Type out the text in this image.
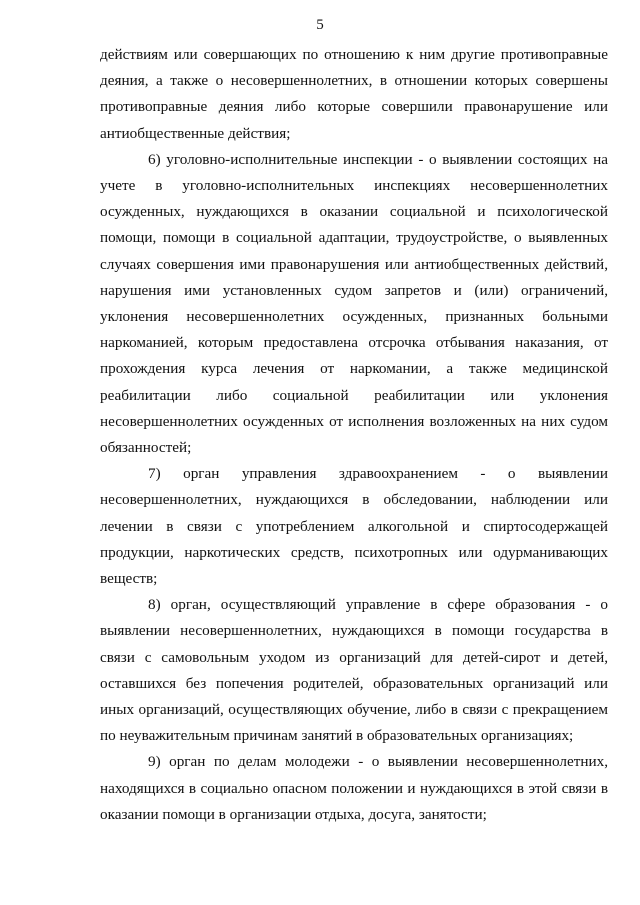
5

действиям или совершающих по отношению к ним другие противоправные деяния, а также о несовершеннолетних, в отношении которых совершены противоправные деяния либо которые совершили правонарушение или антиобщественные действия;

6) уголовно-исполнительные инспекции - о выявлении состоящих на учете в уголовно-исполнительных инспекциях несовершеннолетних осужденных, нуждающихся в оказании социальной и психологической помощи, помощи в социальной адаптации, трудоустройстве, о выявленных случаях совершения ими правонарушения или антиобщественных действий, нарушения ими установленных судом запретов и (или) ограничений, уклонения несовершеннолетних осужденных, признанных больными наркоманией, которым предоставлена отсрочка отбывания наказания, от прохождения курса лечения от наркомании, а также медицинской реабилитации либо социальной реабилитации или уклонения несовершеннолетних осужденных от исполнения возложенных на них судом обязанностей;

7) орган управления здравоохранением - о выявлении несовершеннолетних, нуждающихся в обследовании, наблюдении или лечении в связи с употреблением алкогольной и спиртосодержащей продукции, наркотических средств, психотропных или одурманивающих веществ;

8) орган, осуществляющий управление в сфере образования - о выявлении несовершеннолетних, нуждающихся в помощи государства в связи с самовольным уходом из организаций для детей-сирот и детей, оставшихся без попечения родителей, образовательных организаций или иных организаций, осуществляющих обучение, либо в связи с прекращением по неуважительным причинам занятий в образовательных организациях;

9) орган по делам молодежи - о выявлении несовершеннолетних, находящихся в социально опасном положении и нуждающихся в этой связи в оказании помощи в организации отдыха, досуга, занятости;
